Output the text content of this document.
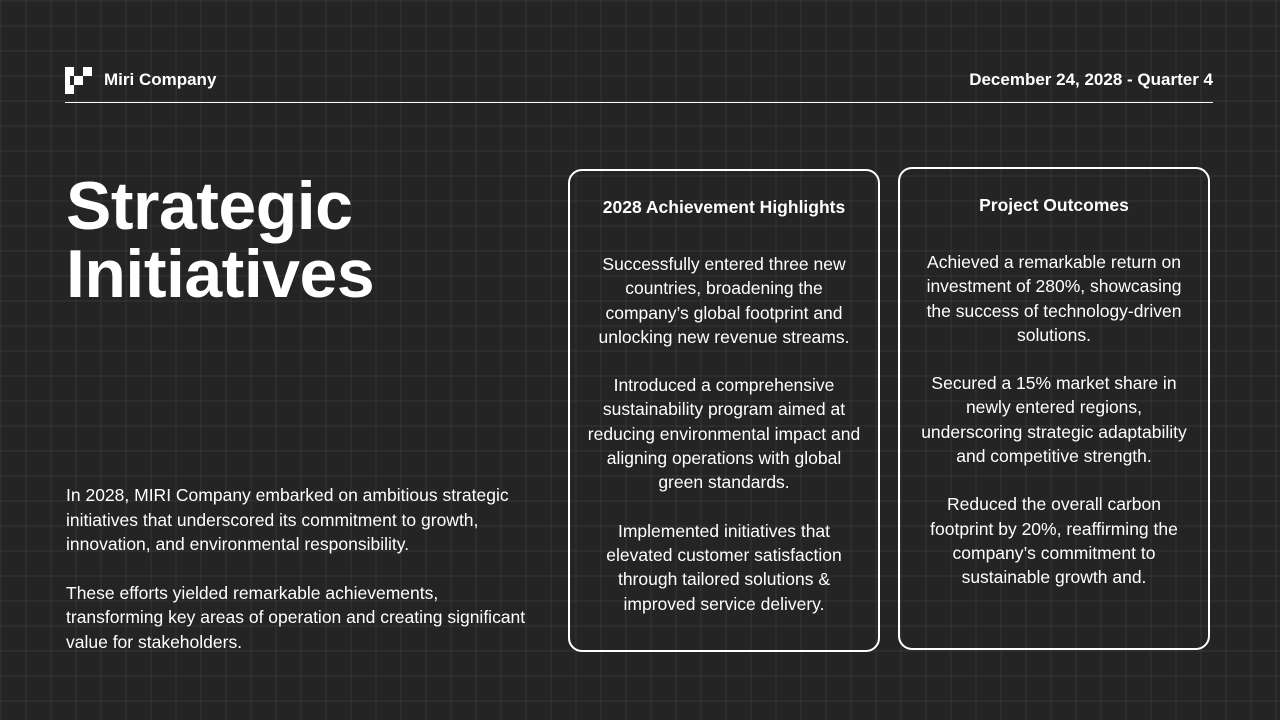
Miri Company	December 24, 2028 - Quarter 4
Strategic
Initiatives

In 2028, MIRI Company embarked on ambitious strategic initiatives that underscored its commitment to growth, innovation, and environmental responsibility.

These efforts yielded remarkable achievements, transforming key areas of operation and creating significant value for stakeholders.

2028 Achievement Highlights

Successfully entered three new countries, broadening the company’s global footprint and unlocking new revenue streams.

Introduced a comprehensive sustainability program aimed at reducing environmental impact and aligning operations with global green standards.

Implemented initiatives that elevated customer satisfaction through tailored solutions & improved service delivery.

Project Outcomes

Achieved a remarkable return on investment of 280%, showcasing the success of technology-driven solutions.

Secured a 15% market share in newly entered regions, underscoring strategic adaptability and competitive strength.

Reduced the overall carbon footprint by 20%, reaffirming the company’s commitment to sustainable growth and.
